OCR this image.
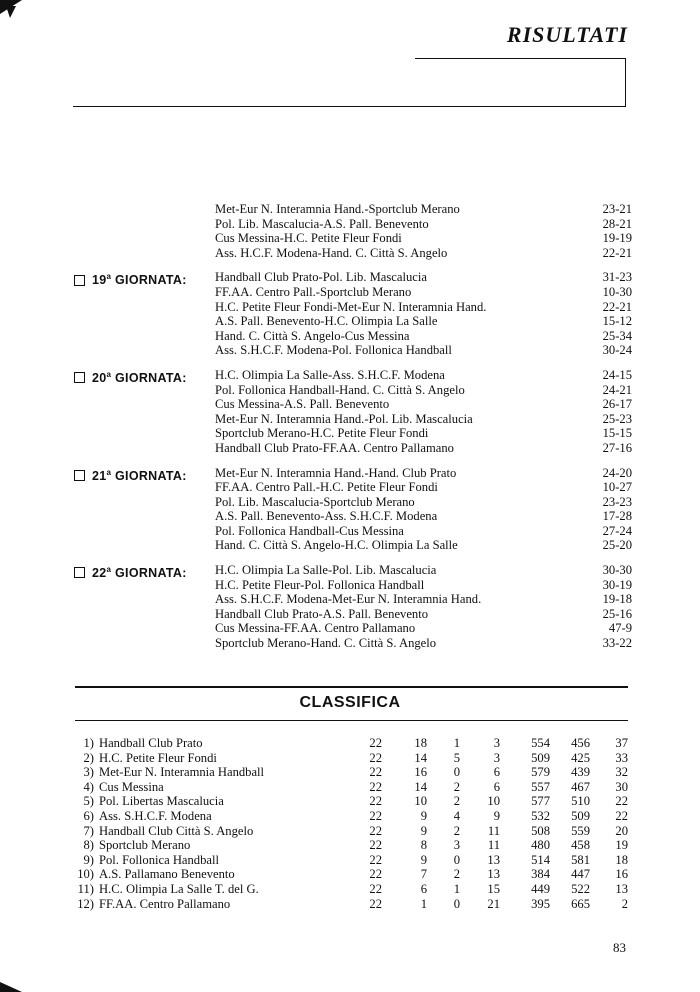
RISULTATI
Met-Eur N. Interamnia Hand.-Sportclub Merano	23-21
Pol. Lib. Mascalucia-A.S. Pall. Benevento	28-21
Cus Messina-H.C. Petite Fleur Fondi	19-19
Ass. H.C.F. Modena-Hand. C. Città S. Angelo	22-21
19$^a$ GIORNATA: Handball Club Prato-Pol. Lib. Mascalucia	31-23
FF.AA. Centro Pall.-Sportclub Merano	10-30
H.C. Petite Fleur Fondi-Met-Eur N. Interamnia Hand.	22-21
A.S. Pall. Benevento-H.C. Olimpia La Salle	15-12
Hand. C. Città S. Angelo-Cus Messina	25-34
Ass. S.H.C.F. Modena-Pol. Follonica Handball	30-24
20$^a$ GIORNATA: H.C. Olimpia La Salle-Ass. S.H.C.F. Modena	24-15
Pol. Follonica Handball-Hand. C. Città S. Angelo	24-21
Cus Messina-A.S. Pall. Benevento	26-17
Met-Eur N. Interamnia Hand.-Pol. Lib. Mascalucia	25-23
Sportclub Merano-H.C. Petite Fleur Fondi	15-15
Handball Club Prato-FF.AA. Centro Pallamano	27-16
21$^a$ GIORNATA: Met-Eur N. Interamnia Hand.-Hand. Club Prato	24-20
FF.AA. Centro Pall.-H.C. Petite Fleur Fondi	10-27
Pol. Lib. Mascalucia-Sportclub Merano	23-23
A.S. Pall. Benevento-Ass. S.H.C.F. Modena	17-28
Pol. Follonica Handball-Cus Messina	27-24
Hand. C. Città S. Angelo-H.C. Olimpia La Salle	25-20
22$^a$ GIORNATA: H.C. Olimpia La Salle-Pol. Lib. Mascalucia	30-30
H.C. Petite Fleur-Pol. Follonica Handball	30-19
Ass. S.H.C.F. Modena-Met-Eur N. Interamnia Hand.	19-18
Handball Club Prato-A.S. Pall. Benevento	25-16
Cus Messina-FF.AA. Centro Pallamano	47-9
Sportclub Merano-Hand. C. Città S. Angelo	33-22
CLASSIFICA
1) Handball Club Prato	22	18	1	3	554	456	37
2) H.C. Petite Fleur Fondi	22	14	5	3	509	425	33
3) Met-Eur N. Interamnia Handball	22	16	0	6	579	439	32
4) Cus Messina	22	14	2	6	557	467	30
5) Pol. Libertas Mascalucia	22	10	2	10	577	510	22
6) Ass. S.H.C.F. Modena	22	9	4	9	532	509	22
7) Handball Club Città S. Angelo	22	9	2	11	508	559	20
8) Sportclub Merano	22	8	3	11	480	458	19
9) Pol. Follonica Handball	22	9	0	13	514	581	18
10) A.S. Pallamano Benevento	22	7	2	13	384	447	16
11) H.C. Olimpia La Salle T. del G.	22	6	1	15	449	522	13
12) FF.AA. Centro Pallamano	22	1	0	21	395	665	2
83
